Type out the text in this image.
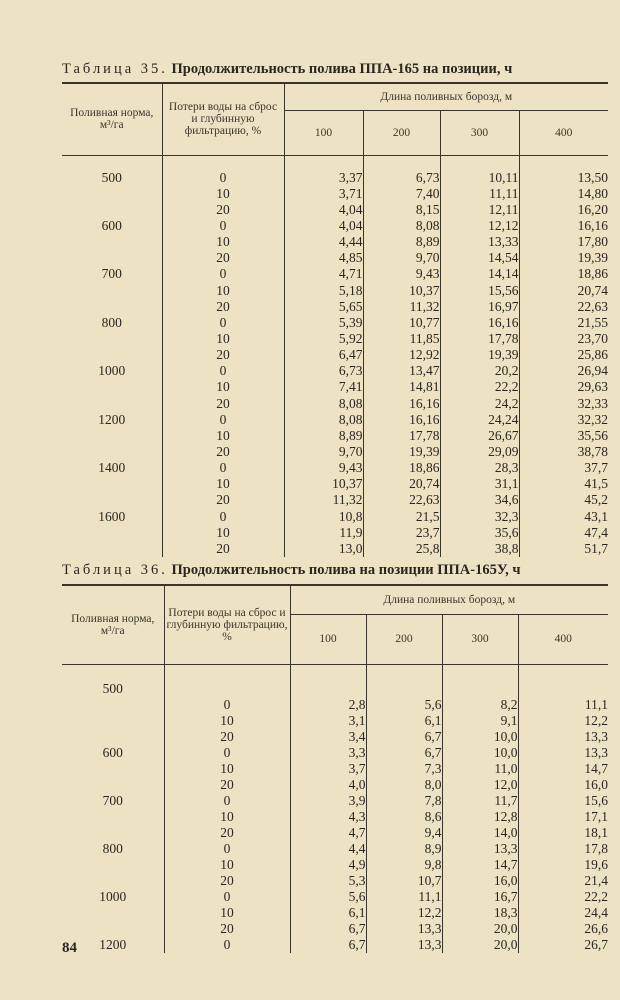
Таблица 35. Продолжительность полива ППА-165 на позиции, ч
Поливная норма, м³/га	Потери воды на сброс и глубинную фильтрацию, %	Длина поливных борозд, м			
		100	200	300	400

500	0	3,37	6,73	10,11	13,50
	10	3,71	7,40	11,11	14,80
	20	4,04	8,15	12,11	16,20
600	0	4,04	8,08	12,12	16,16
	10	4,44	8,89	13,33	17,80
	20	4,85	9,70	14,54	19,39
700	0	4,71	9,43	14,14	18,86
	10	5,18	10,37	15,56	20,74
	20	5,65	11,32	16,97	22,63
800	0	5,39	10,77	16,16	21,55
	10	5,92	11,85	17,78	23,70
	20	6,47	12,92	19,39	25,86
1000	0	6,73	13,47	20,2	26,94
	10	7,41	14,81	22,2	29,63
	20	8,08	16,16	24,2	32,33
1200	0	8,08	16,16	24,24	32,32
	10	8,89	17,78	26,67	35,56
	20	9,70	19,39	29,09	38,78
1400	0	9,43	18,86	28,3	37,7
	10	10,37	20,74	31,1	41,5
	20	11,32	22,63	34,6	45,2
1600	0	10,8	21,5	32,3	43,1
	10	11,9	23,7	35,6	47,4
	20	13,0	25,8	38,8	51,7
Таблица 36. Продолжительность полива на позиции ППА-165У, ч
Поливная норма, м³/га	Потери воды на сброс и глубинную фильтрацию, %	Длина поливных борозд, м			
		100	200	300	400

500					
	0	2,8	5,6	8,2	11,1
	10	3,1	6,1	9,1	12,2
	20	3,4	6,7	10,0	13,3
600	0	3,3	6,7	10,0	13,3
	10	3,7	7,3	11,0	14,7
	20	4,0	8,0	12,0	16,0
700	0	3,9	7,8	11,7	15,6
	10	4,3	8,6	12,8	17,1
	20	4,7	9,4	14,0	18,1
800	0	4,4	8,9	13,3	17,8
	10	4,9	9,8	14,7	19,6
	20	5,3	10,7	16,0	21,4
1000	0	5,6	11,1	16,7	22,2
	10	6,1	12,2	18,3	24,4
	20	6,7	13,3	20,0	26,6
1200	0	6,7	13,3	20,0	26,7
84
